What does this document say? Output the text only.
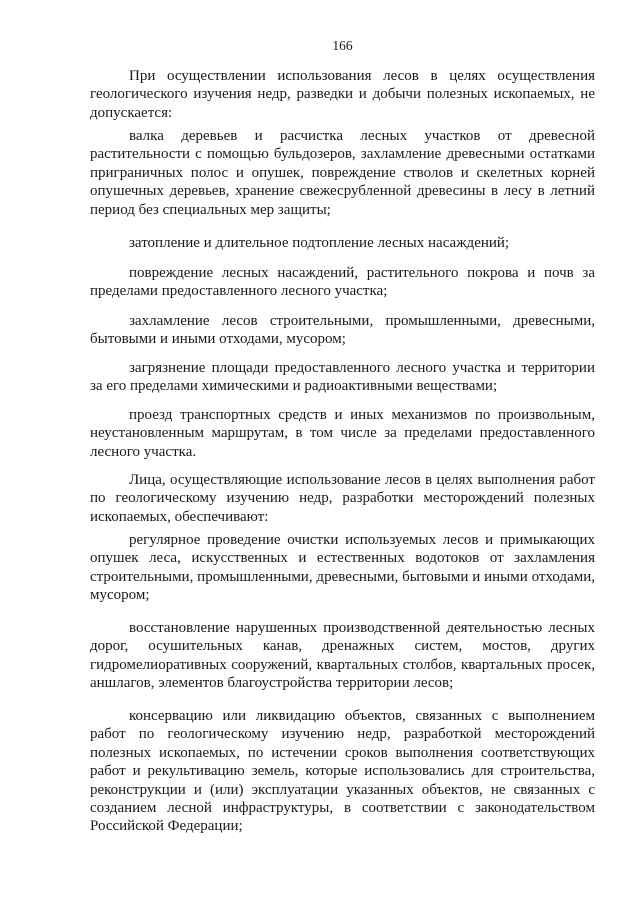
166

При осуществлении использования лесов в целях осуществления геологического изучения недр, разведки и добычи полезных ископаемых, не допускается:

валка деревьев и расчистка лесных участков от древесной растительности с помощью бульдозеров, захламление древесными остатками приграничных полос и опушек, повреждение стволов и скелетных корней опушечных деревьев, хранение свежесрубленной древесины в лесу в летний период без специальных мер защиты;

затопление и длительное подтопление лесных насаждений;

повреждение лесных насаждений, растительного покрова и почв за пределами предоставленного лесного участка;

захламление лесов строительными, промышленными, древесными, бытовыми и иными отходами, мусором;

загрязнение площади предоставленного лесного участка и территории за его пределами химическими и радиоактивными веществами;

проезд транспортных средств и иных механизмов по произвольным, неустановленным маршрутам, в том числе за пределами предоставленного лесного участка.

Лица, осуществляющие использование лесов в целях выполнения работ по геологическому изучению недр, разработки месторождений полезных ископаемых, обеспечивают:

регулярное проведение очистки используемых лесов и примыкающих опушек леса, искусственных и естественных водотоков от захламления строительными, промышленными, древесными, бытовыми и иными отходами, мусором;

восстановление нарушенных производственной деятельностью лесных дорог, осушительных канав, дренажных систем, мостов, других гидромелиоративных сооружений, квартальных столбов, квартальных просек, аншлагов, элементов благоустройства территории лесов;

консервацию или ликвидацию объектов, связанных с выполнением работ по геологическому изучению недр, разработкой месторождений полезных ископаемых, по истечении сроков выполнения соответствующих работ и рекультивацию земель, которые использовались для строительства, реконструкции и (или) эксплуатации указанных объектов, не связанных с созданием лесной инфраструктуры, в соответствии с законодательством Российской Федерации;
